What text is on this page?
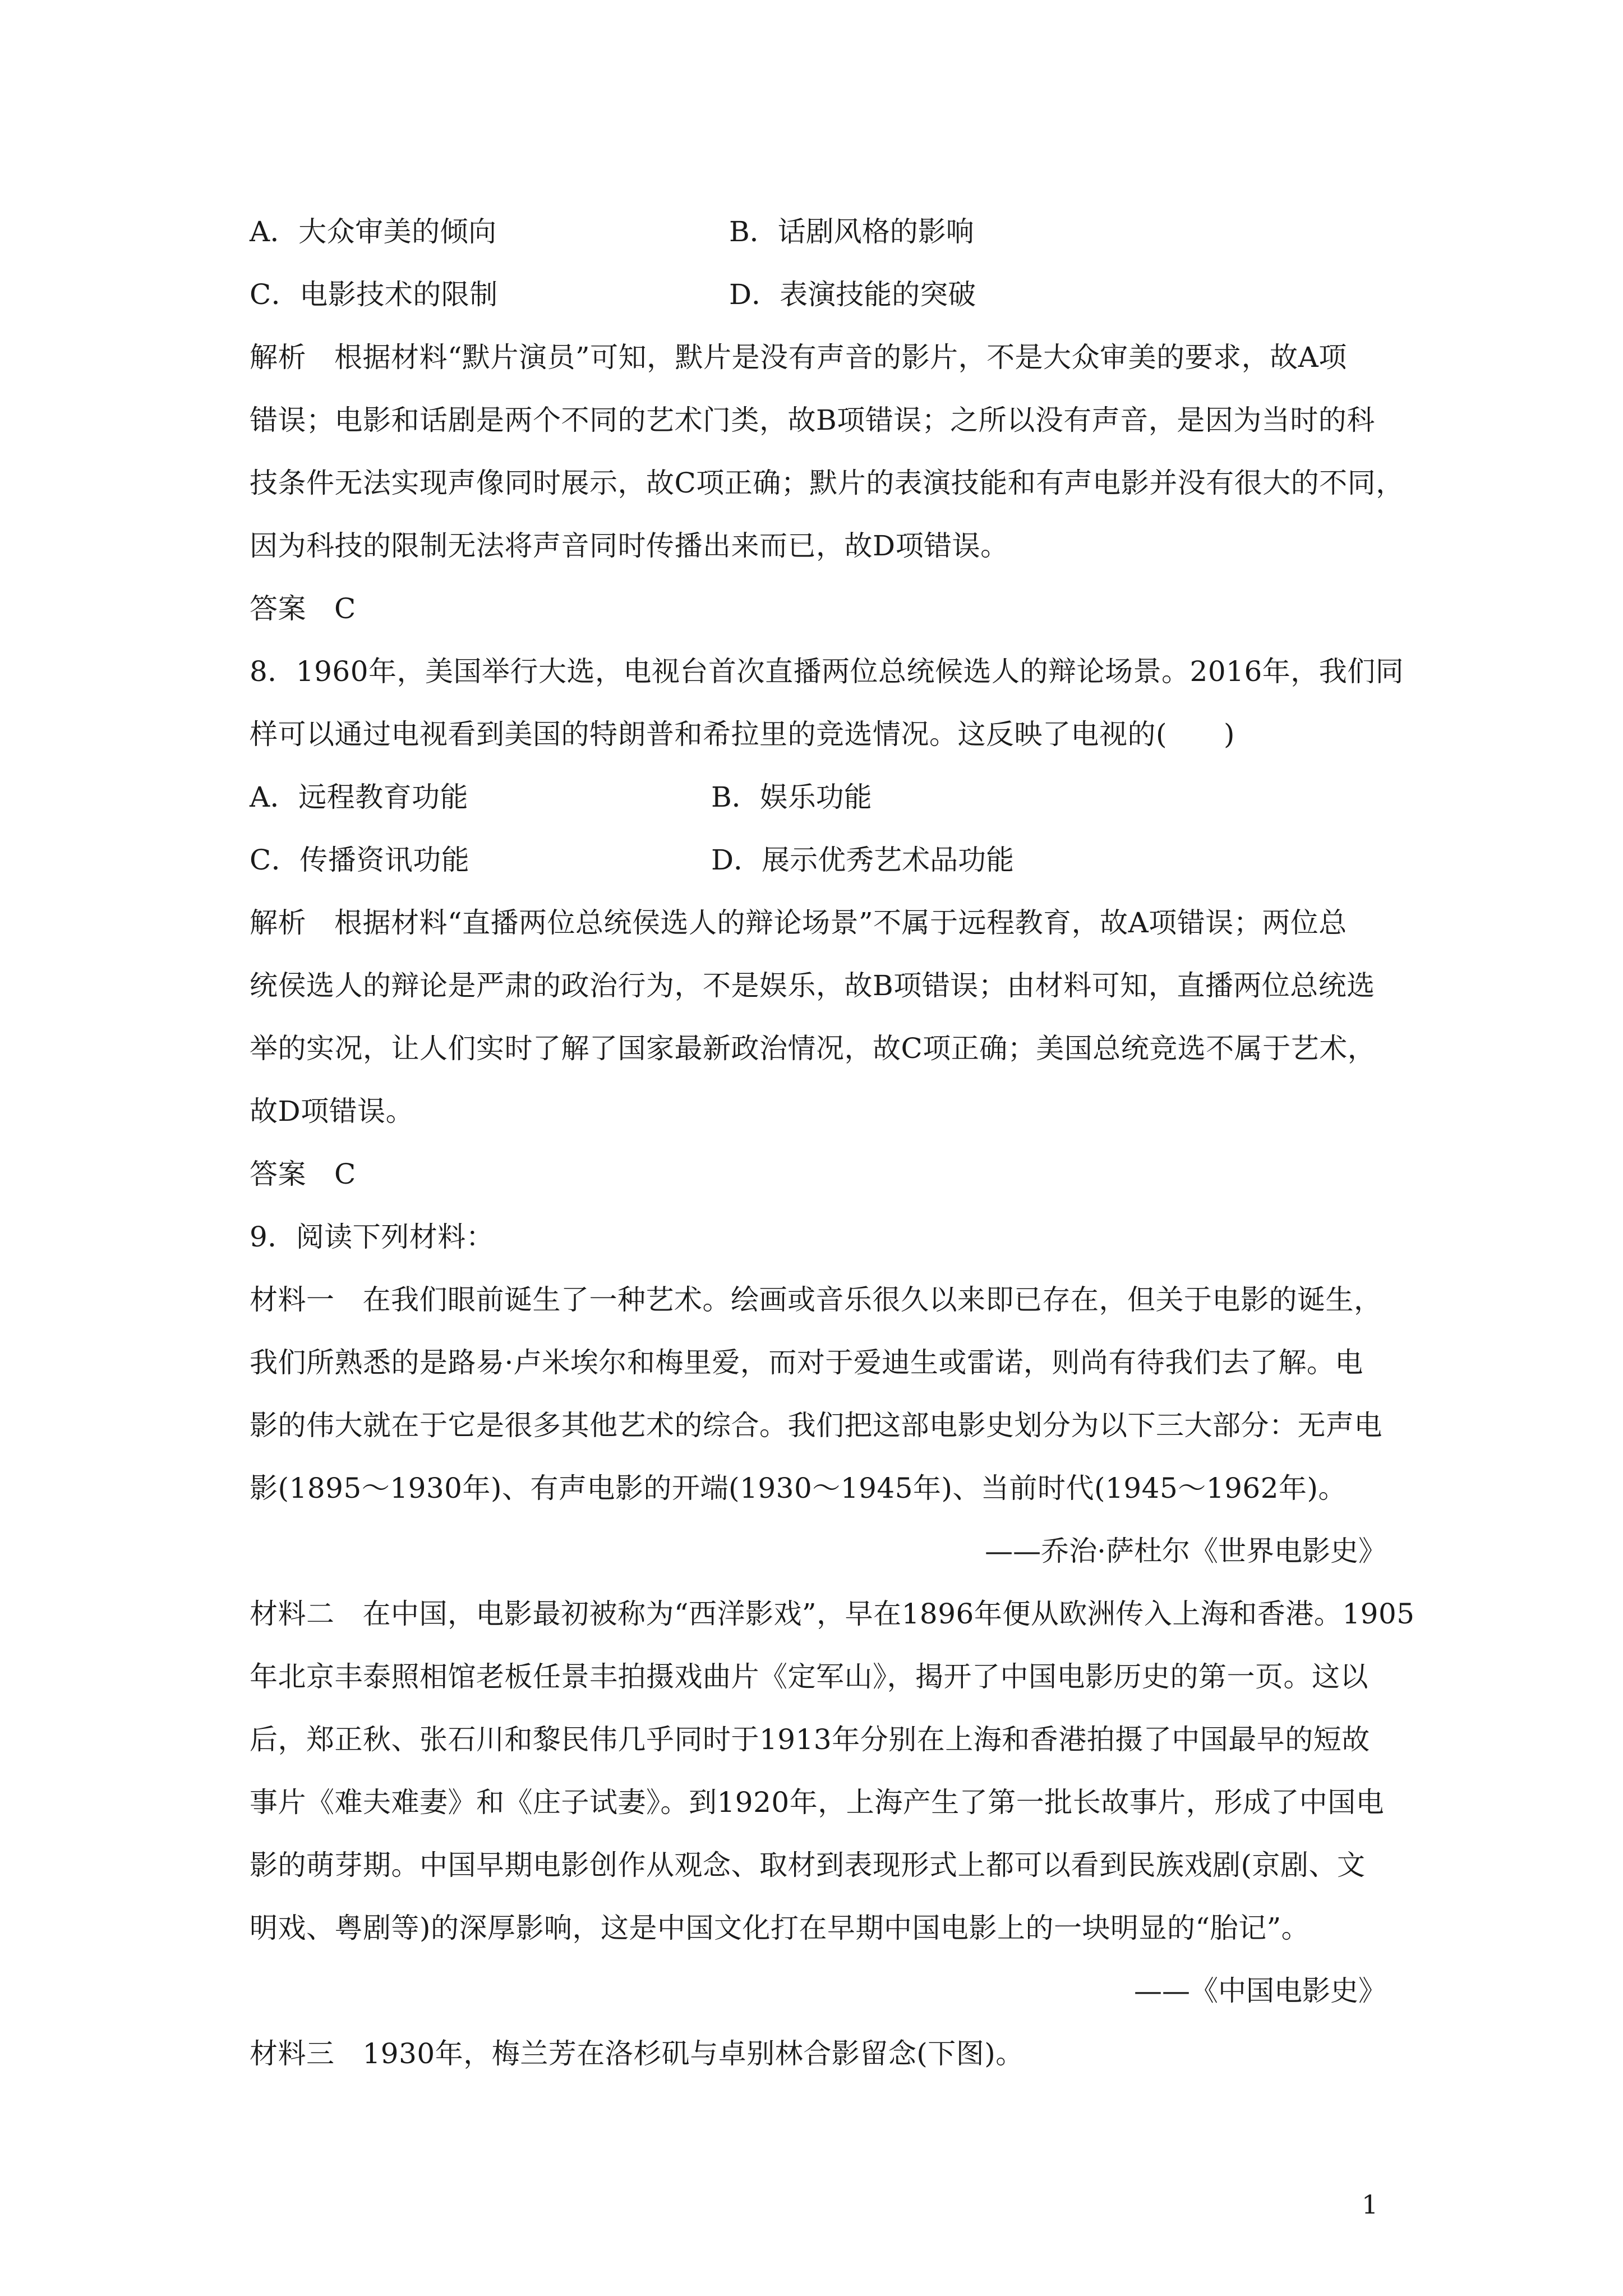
A．大众审美的倾向	B．话剧风格的影响
C．电影技术的限制	D．表演技能的突破
解析 根据材料“默片演员”可知，默片是没有声音的影片，不是大众审美的要求，故A项
错误；电影和话剧是两个不同的艺术门类，故B项错误；之所以没有声音，是因为当时的科
技条件无法实现声像同时展示，故C项正确；默片的表演技能和有声电影并没有很大的不同，
因为科技的限制无法将声音同时传播出来而已，故D项错误。
答案 C
8．1960年，美国举行大选，电视台首次直播两位总统候选人的辩论场景。2016年，我们同
样可以通过电视看到美国的特朗普和希拉里的竞选情况。这反映了电视的(　　)
A．远程教育功能	B．娱乐功能
C．传播资讯功能	D．展示优秀艺术品功能
解析 根据材料“直播两位总统侯选人的辩论场景”不属于远程教育，故A项错误；两位总
统侯选人的辩论是严肃的政治行为，不是娱乐，故B项错误；由材料可知，直播两位总统选
举的实况，让人们实时了解了国家最新政治情况，故C项正确；美国总统竞选不属于艺术，
故D项错误。
答案 C
9．阅读下列材料：
材料一 在我们眼前诞生了一种艺术。绘画或音乐很久以来即已存在，但关于电影的诞生，
我们所熟悉的是路易·卢米埃尔和梅里爱，而对于爱迪生或雷诺，则尚有待我们去了解。电
影的伟大就在于它是很多其他艺术的综合。我们把这部电影史划分为以下三大部分：无声电
影(1895～1930年)、有声电影的开端(1930～1945年)、当前时代(1945～1962年)。
——乔治·萨杜尔《世界电影史》
材料二 在中国，电影最初被称为“西洋影戏”，早在1896年便从欧洲传入上海和香港。1905
年北京丰泰照相馆老板任景丰拍摄戏曲片《定军山》，揭开了中国电影历史的第一页。这以
后，郑正秋、张石川和黎民伟几乎同时于1913年分别在上海和香港拍摄了中国最早的短故
事片《难夫难妻》和《庄子试妻》。到1920年，上海产生了第一批长故事片，形成了中国电
影的萌芽期。中国早期电影创作从观念、取材到表现形式上都可以看到民族戏剧(京剧、文
明戏、粤剧等)的深厚影响，这是中国文化打在早期中国电影上的一块明显的“胎记”。
——《中国电影史》
材料三 1930年，梅兰芳在洛杉矶与卓别林合影留念(下图)。
1
